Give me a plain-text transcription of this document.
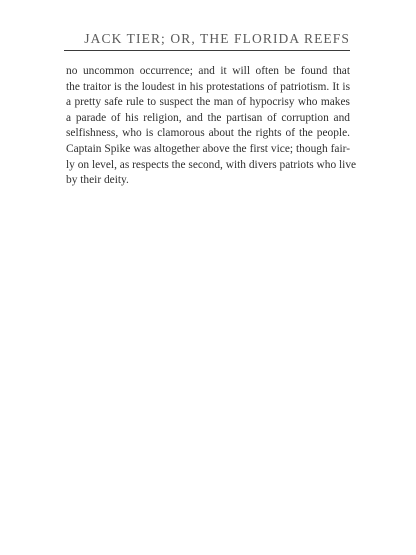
JACK TIER; OR, THE FLORIDA REEFS
no uncommon occurrence; and it will often be found that
the traitor is the loudest in his protestations of patriotism. It is
a pretty safe rule to suspect the man of hypocrisy who makes
a parade of his religion, and the partisan of corruption and
selfishness, who is clamorous about the rights of the people.
Captain Spike was altogether above the first vice; though fair-
ly on level, as respects the second, with divers patriots who live
by their deity.
